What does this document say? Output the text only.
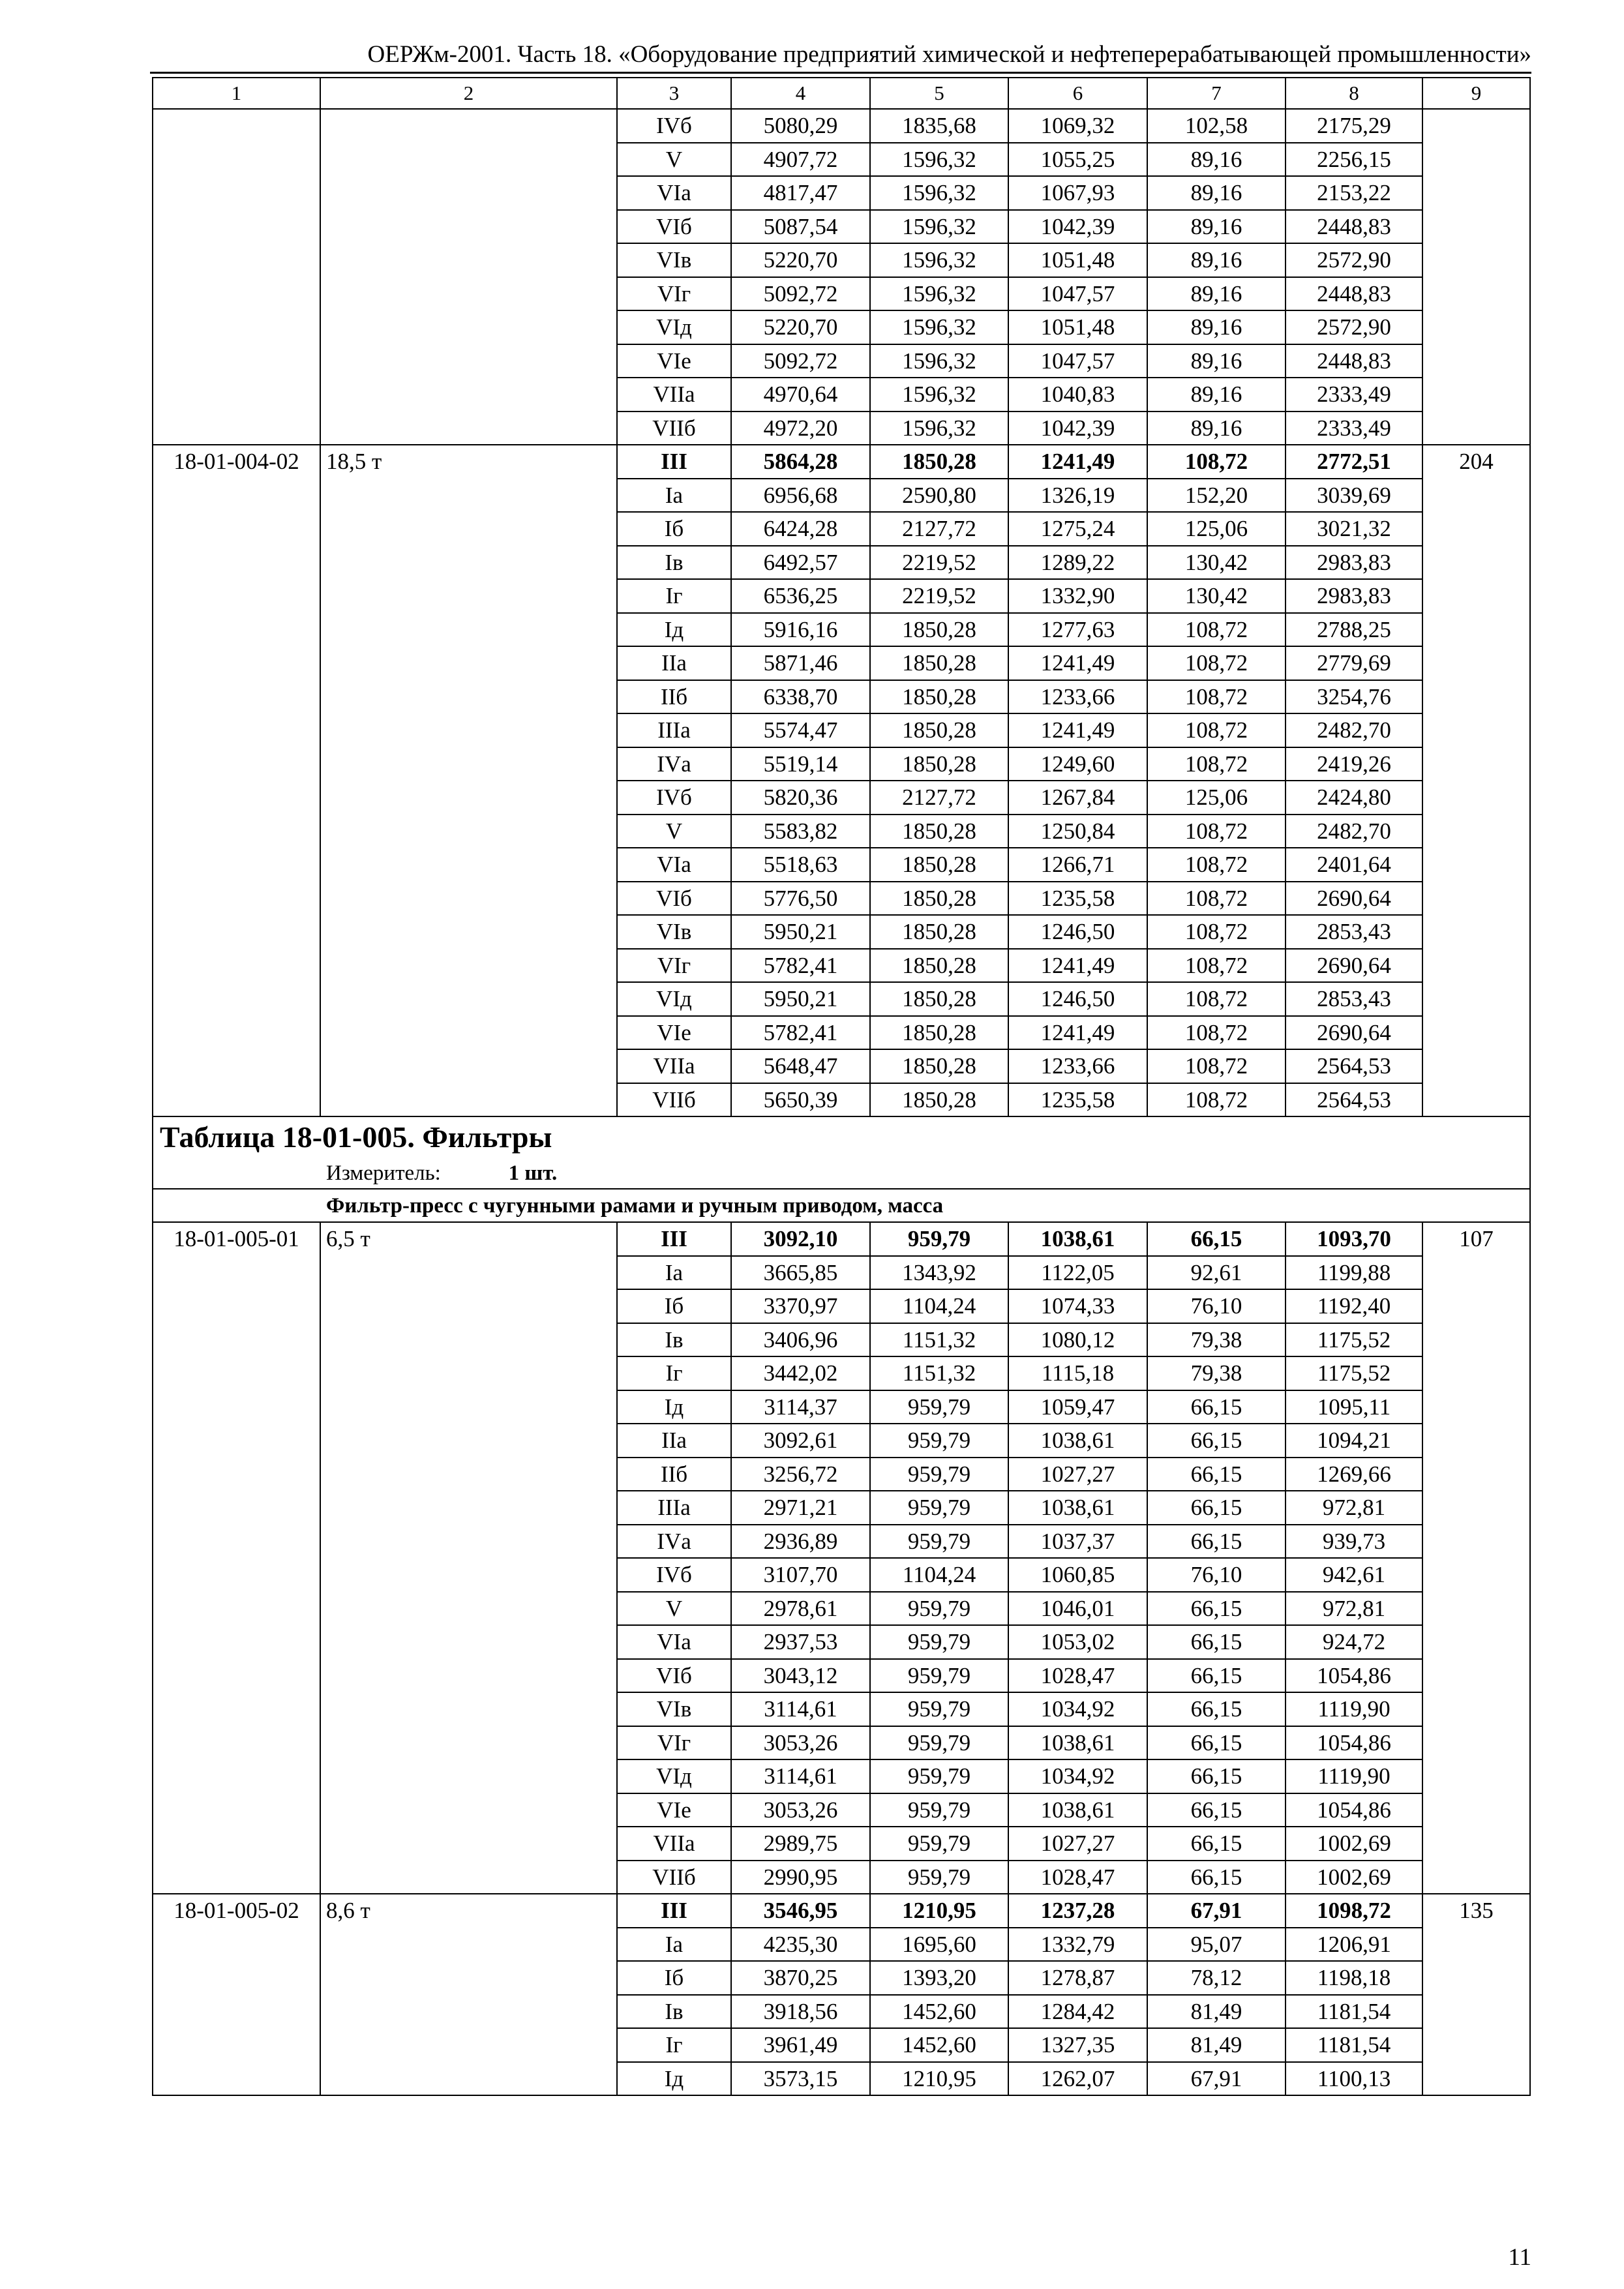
ОЕРЖм-2001. Часть 18. «Оборудование предприятий химической и нефтеперерабатывающей промышленности»
1	2	3	4	5	6	7	8	9
		IVб	5080,29	1835,68	1069,32	102,58	2175,29	
		V	4907,72	1596,32	1055,25	89,16	2256,15	
		VIа	4817,47	1596,32	1067,93	89,16	2153,22	
		VIб	5087,54	1596,32	1042,39	89,16	2448,83	
		VIв	5220,70	1596,32	1051,48	89,16	2572,90	
		VIг	5092,72	1596,32	1047,57	89,16	2448,83	
		VIд	5220,70	1596,32	1051,48	89,16	2572,90	
		VIе	5092,72	1596,32	1047,57	89,16	2448,83	
		VIIа	4970,64	1596,32	1040,83	89,16	2333,49	
		VIIб	4972,20	1596,32	1042,39	89,16	2333,49	
18-01-004-02	18,5 т	III	5864,28	1850,28	1241,49	108,72	2772,51	204
		Iа	6956,68	2590,80	1326,19	152,20	3039,69	
		Iб	6424,28	2127,72	1275,24	125,06	3021,32	
		Iв	6492,57	2219,52	1289,22	130,42	2983,83	
		Iг	6536,25	2219,52	1332,90	130,42	2983,83	
		Iд	5916,16	1850,28	1277,63	108,72	2788,25	
		IIа	5871,46	1850,28	1241,49	108,72	2779,69	
		IIб	6338,70	1850,28	1233,66	108,72	3254,76	
		IIIа	5574,47	1850,28	1241,49	108,72	2482,70	
		IVа	5519,14	1850,28	1249,60	108,72	2419,26	
		IVб	5820,36	2127,72	1267,84	125,06	2424,80	
		V	5583,82	1850,28	1250,84	108,72	2482,70	
		VIа	5518,63	1850,28	1266,71	108,72	2401,64	
		VIб	5776,50	1850,28	1235,58	108,72	2690,64	
		VIв	5950,21	1850,28	1246,50	108,72	2853,43	
		VIг	5782,41	1850,28	1241,49	108,72	2690,64	
		VIд	5950,21	1850,28	1246,50	108,72	2853,43	
		VIе	5782,41	1850,28	1241,49	108,72	2690,64	
		VIIа	5648,47	1850,28	1233,66	108,72	2564,53	
		VIIб	5650,39	1850,28	1235,58	108,72	2564,53	
Таблица 18-01-005. Фильтры								
Измеритель: 1 шт.								
Фильтр-пресс с чугунными рамами и ручным приводом, масса								
18-01-005-01	6,5 т	III	3092,10	959,79	1038,61	66,15	1093,70	107
		Iа	3665,85	1343,92	1122,05	92,61	1199,88	
		Iб	3370,97	1104,24	1074,33	76,10	1192,40	
		Iв	3406,96	1151,32	1080,12	79,38	1175,52	
		Iг	3442,02	1151,32	1115,18	79,38	1175,52	
		Iд	3114,37	959,79	1059,47	66,15	1095,11	
		IIа	3092,61	959,79	1038,61	66,15	1094,21	
		IIб	3256,72	959,79	1027,27	66,15	1269,66	
		IIIа	2971,21	959,79	1038,61	66,15	972,81	
		IVа	2936,89	959,79	1037,37	66,15	939,73	
		IVб	3107,70	1104,24	1060,85	76,10	942,61	
		V	2978,61	959,79	1046,01	66,15	972,81	
		VIа	2937,53	959,79	1053,02	66,15	924,72	
		VIб	3043,12	959,79	1028,47	66,15	1054,86	
		VIв	3114,61	959,79	1034,92	66,15	1119,90	
		VIг	3053,26	959,79	1038,61	66,15	1054,86	
		VIд	3114,61	959,79	1034,92	66,15	1119,90	
		VIе	3053,26	959,79	1038,61	66,15	1054,86	
		VIIа	2989,75	959,79	1027,27	66,15	1002,69	
		VIIб	2990,95	959,79	1028,47	66,15	1002,69	
18-01-005-02	8,6 т	III	3546,95	1210,95	1237,28	67,91	1098,72	135
		Iа	4235,30	1695,60	1332,79	95,07	1206,91	
		Iб	3870,25	1393,20	1278,87	78,12	1198,18	
		Iв	3918,56	1452,60	1284,42	81,49	1181,54	
		Iг	3961,49	1452,60	1327,35	81,49	1181,54	
		Iд	3573,15	1210,95	1262,07	67,91	1100,13	
11
